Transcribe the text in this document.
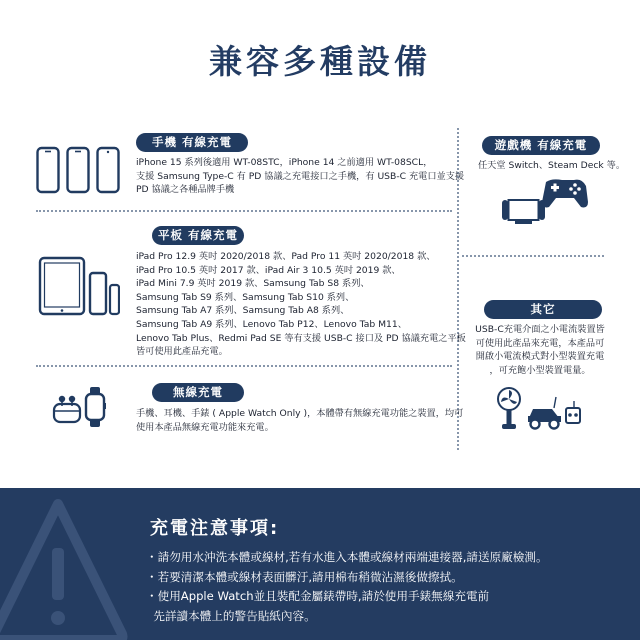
兼容多種設備
手機 有線充電
iPhone 15 系列後適用 WT-08STC，iPhone 14 之前適用 WT-08SCL，
支援 Samsung Type-C 有 PD 協議之充電接口之手機，有 USB-C 充電口並支援
PD 協議之各種品牌手機
平板 有線充電
iPad Pro 12.9 英吋 2020/2018 款、Pad Pro 11 英吋 2020/2018 款、
iPad Pro 10.5 英吋 2017 款、iPad Air 3 10.5 英吋 2019 款、
iPad Mini 7.9 英吋 2019 款、Samsung Tab S8 系列、
Samsung Tab S9 系列、Samsung Tab S10 系列、
Samsung Tab A7 系列、Samsung Tab A8 系列、
Samsung Tab A9 系列、Lenovo Tab P12、Lenovo Tab M11、
Lenovo Tab Plus、Redmi Pad SE 等有支援 USB-C 接口及 PD 協議充電之平板
皆可使用此產品充電。
無線充電
手機、耳機、手錶 ( Apple Watch Only )，本體帶有無線充電功能之裝置，均可
使用本產品無線充電功能來充電。
遊戲機 有線充電
任天堂 Switch、Steam Deck 等。
其它
USB-C充電介面之小電流裝置皆
可使用此產品來充電，本產品可
開啟小電流模式對小型裝置充電
，可充飽小型裝置電量。
充電注意事項:
・請勿用水沖洗本體或線材,若有水進入本體或線材兩端連接器,請送原廠檢測。
・若要清潔本體或線材表面髒汙,請用棉布稍微沾濕後做擦拭。
・使用Apple Watch並且裝配金屬錶帶時,請於使用手錶無線充電前
先詳讀本體上的警告貼紙內容。
